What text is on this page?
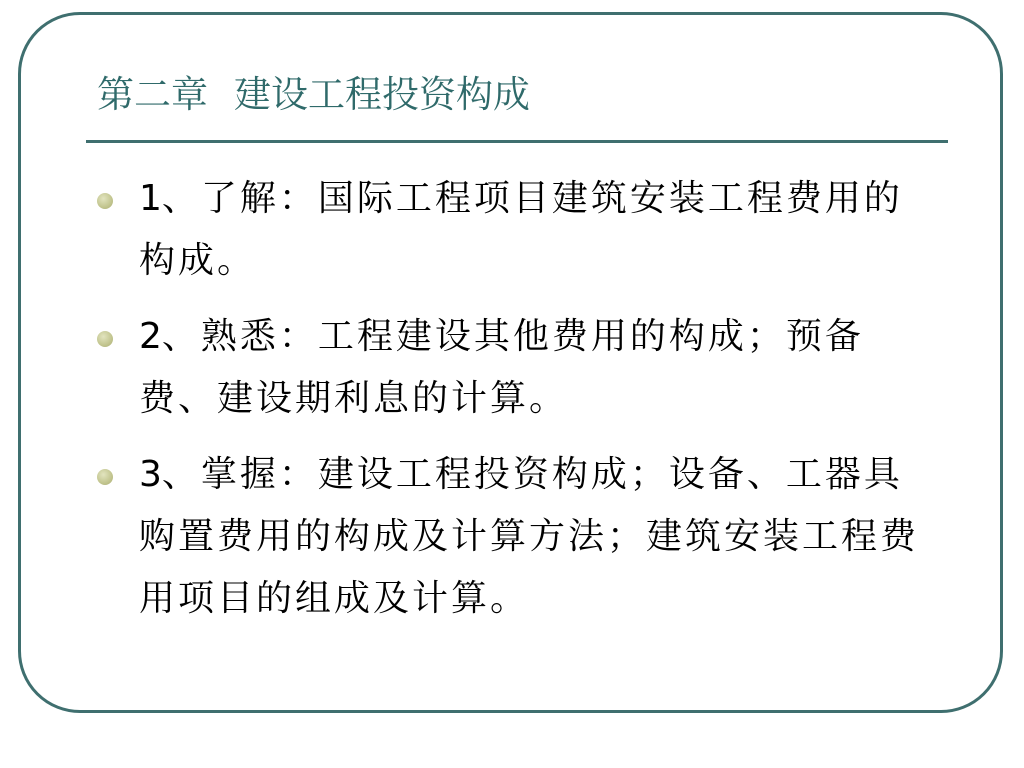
第二章 建设工程投资构成
1、了解：国际工程项目建筑安装工程费用的构成。
2、熟悉：工程建设其他费用的构成；预备费、建设期利息的计算。
3、掌握：建设工程投资构成；设备、工器具购置费用的构成及计算方法；建筑安装工程费用项目的组成及计算。
